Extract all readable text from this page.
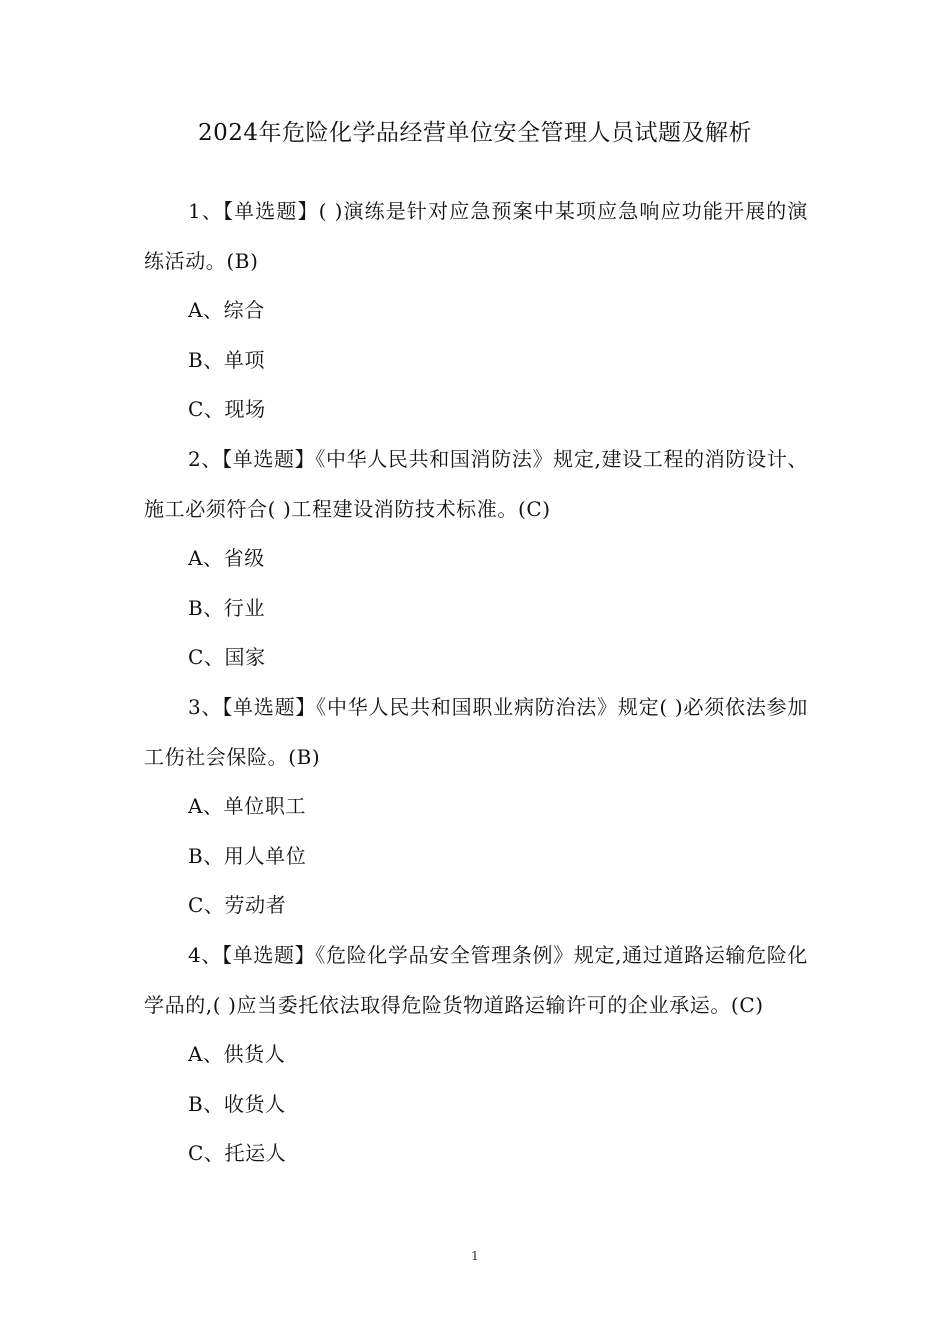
2024年危险化学品经营单位安全管理人员试题及解析

1、【单选题】( )演练是针对应急预案中某项应急响应功能开展的演练活动。(B)

A、综合

B、单项

C、现场

2、【单选题】《中华人民共和国消防法》规定,建设工程的消防设计、施工必须符合( )工程建设消防技术标准。(C)

A、省级

B、行业

C、国家

3、【单选题】《中华人民共和国职业病防治法》规定( )必须依法参加工伤社会保险。(B)

A、单位职工

B、用人单位

C、劳动者

4、【单选题】《危险化学品安全管理条例》规定,通过道路运输危险化学品的,( )应当委托依法取得危险货物道路运输许可的企业承运。(C)

A、供货人

B、收货人

C、托运人

1
